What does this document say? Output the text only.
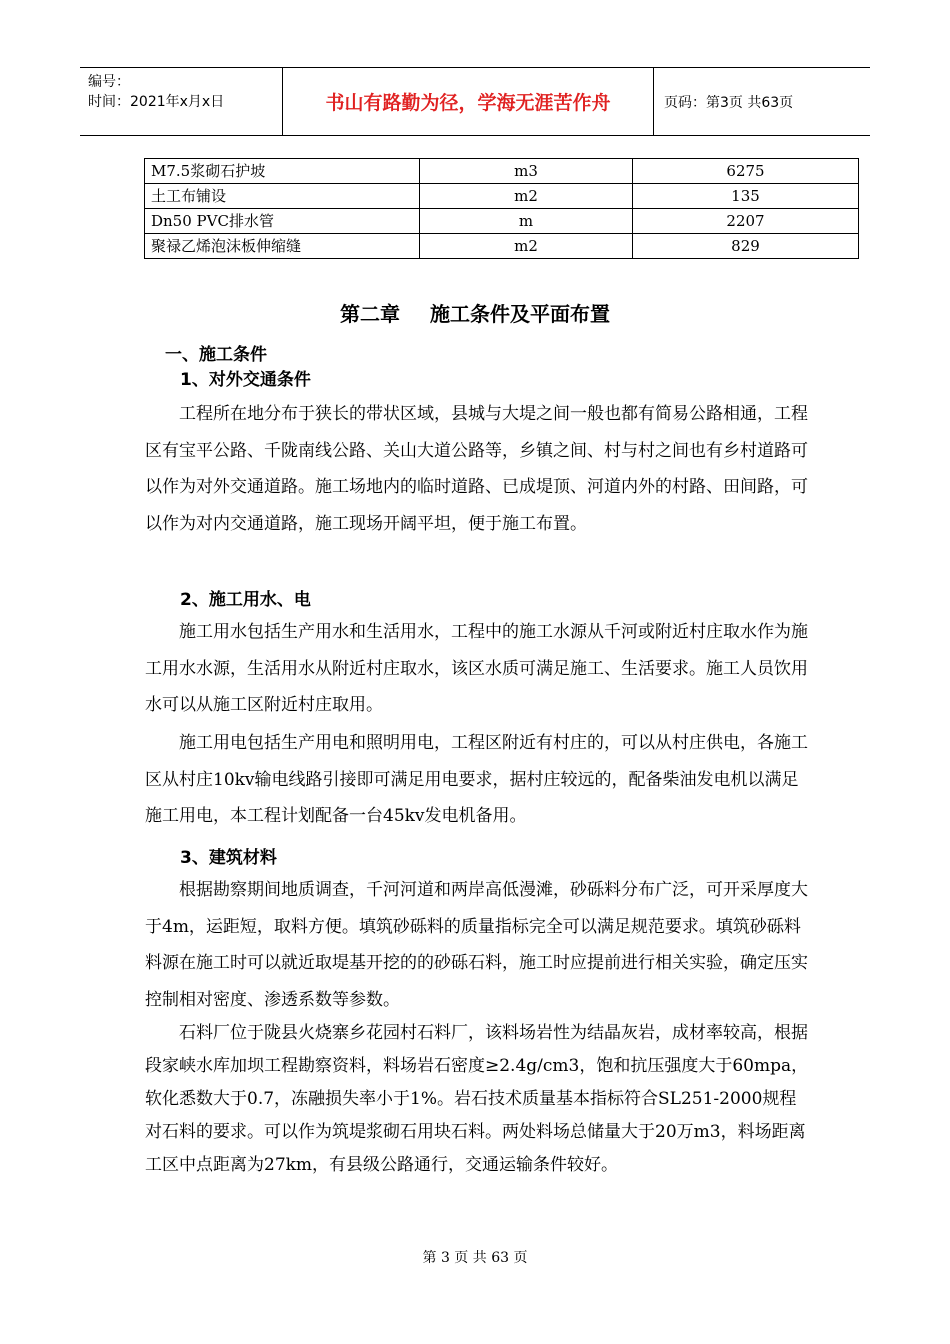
编号：
时间：2021年x月x日	书山有路勤为径，学海无涯苦作舟	页码：第3页 共63页
M7.5浆砌石护坡	m3	6275
土工布铺设	m2	135
Dn50 PVC排水管	m	2207
聚禄乙烯泡沫板伸缩缝	m2	829
第二章 施工条件及平面布置
一、施工条件
1、对外交通条件

工程所在地分布于狭长的带状区域，县城与大堤之间一般也都有简易公路相通，工程区有宝平公路、千陇南线公路、关山大道公路等，乡镇之间、村与村之间也有乡村道路可以作为对外交通道路。施工场地内的临时道路、已成堤顶、河道内外的村路、田间路，可以作为对内交通道路，施工现场开阔平坦，便于施工布置。

2、施工用水、电

施工用水包括生产用水和生活用水，工程中的施工水源从千河或附近村庄取水作为施工用水水源，生活用水从附近村庄取水，该区水质可满足施工、生活要求。施工人员饮用水可以从施工区附近村庄取用。

施工用电包括生产用电和照明用电，工程区附近有村庄的，可以从村庄供电，各施工区从村庄10kv输电线路引接即可满足用电要求，据村庄较远的，配备柴油发电机以满足施工用电，本工程计划配备一台45kv发电机备用。

3、建筑材料

根据勘察期间地质调查，千河河道和两岸高低漫滩，砂砾料分布广泛，可开采厚度大于4m，运距短，取料方便。填筑砂砾料的质量指标完全可以满足规范要求。填筑砂砾料料源在施工时可以就近取堤基开挖的的砂砾石料，施工时应提前进行相关实验，确定压实控制相对密度、渗透系数等参数。

石料厂位于陇县火烧寨乡花园村石料厂，该料场岩性为结晶灰岩，成材率较高，根据段家峡水库加坝工程勘察资料，料场岩石密度≥2.4g/cm3，饱和抗压强度大于60mpa，软化悉数大于0.7，冻融损失率小于1%。岩石技术质量基本指标符合SL251-2000规程对石料的要求。可以作为筑堤浆砌石用块石料。两处料场总储量大于20万m3，料场距离工区中点距离为27km，有县级公路通行，交通运输条件较好。

第 3 页 共 63 页
